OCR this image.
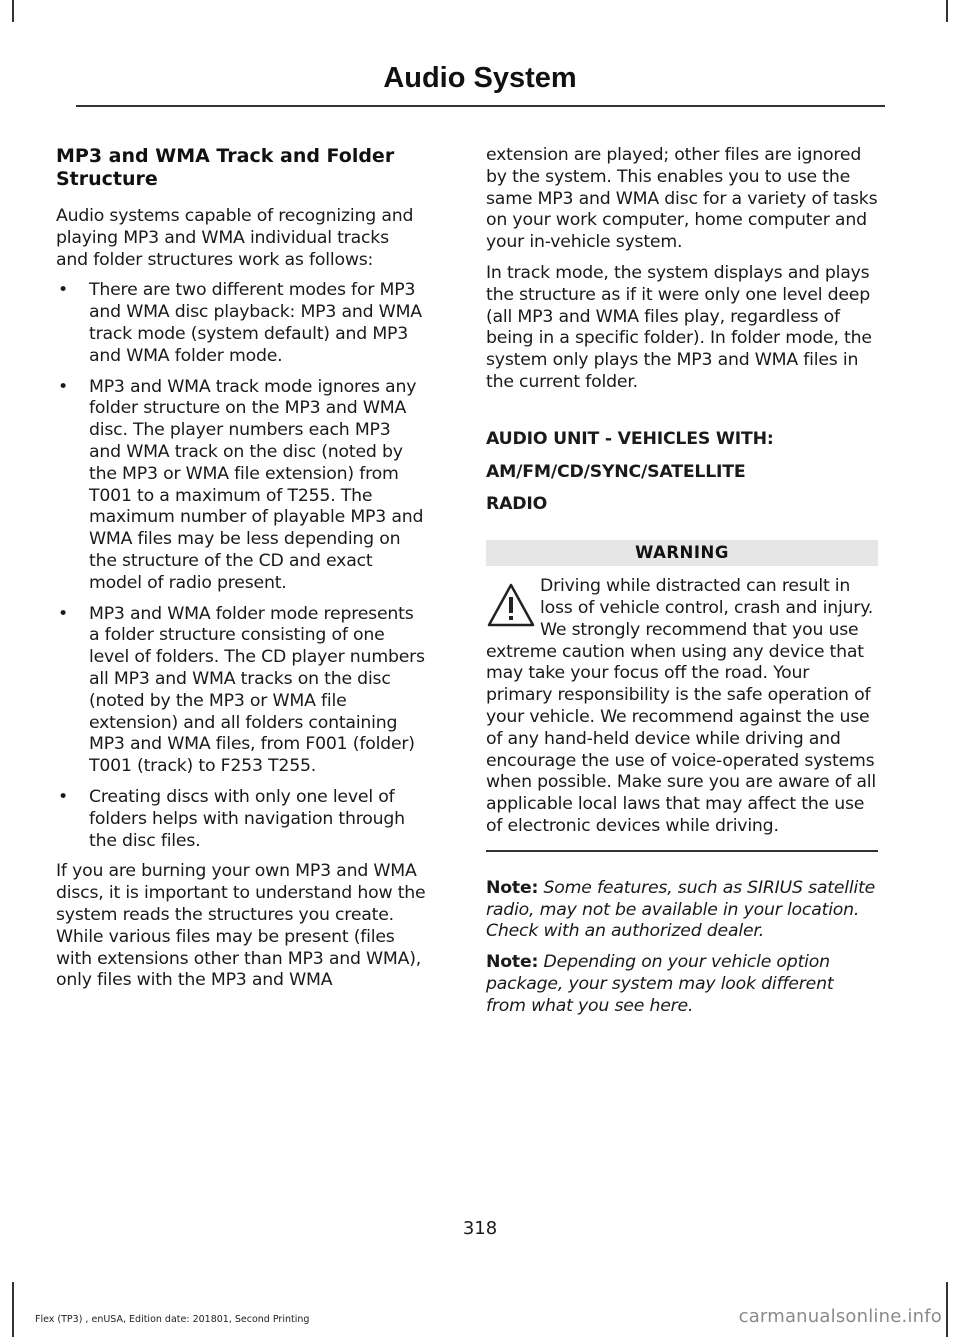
Audio System
MP3 and WMA Track and Folder Structure

Audio systems capable of recognizing and playing MP3 and WMA individual tracks and folder structures work as follows:

• There are two different modes for MP3 and WMA disc playback: MP3 and WMA track mode (system default) and MP3 and WMA folder mode.
• MP3 and WMA track mode ignores any folder structure on the MP3 and WMA disc. The player numbers each MP3 and WMA track on the disc (noted by the MP3 or WMA file extension) from T001 to a maximum of T255. The maximum number of playable MP3 and WMA files may be less depending on the structure of the CD and exact model of radio present.
• MP3 and WMA folder mode represents a folder structure consisting of one level of folders. The CD player numbers all MP3 and WMA tracks on the disc (noted by the MP3 or WMA file extension) and all folders containing MP3 and WMA files, from F001 (folder) T001 (track) to F253 T255.
• Creating discs with only one level of folders helps with navigation through the disc files.

If you are burning your own MP3 and WMA discs, it is important to understand how the system reads the structures you create. While various files may be present (files with extensions other than MP3 and WMA), only files with the MP3 and WMA

extension are played; other files are ignored by the system. This enables you to use the same MP3 and WMA disc for a variety of tasks on your work computer, home computer and your in-vehicle system.

In track mode, the system displays and plays the structure as if it were only one level deep (all MP3 and WMA files play, regardless of being in a specific folder). In folder mode, the system only plays the MP3 and WMA files in the current folder.

AUDIO UNIT - VEHICLES WITH:

AM/FM/CD/SYNC/SATELLITE

RADIO

WARNING

Driving while distracted can result in loss of vehicle control, crash and injury. We strongly recommend that you use extreme caution when using any device that may take your focus off the road. Your primary responsibility is the safe operation of your vehicle. We recommend against the use of any hand-held device while driving and encourage the use of voice-operated systems when possible. Make sure you are aware of all applicable local laws that may affect the use of electronic devices while driving.

Note: Some features, such as SIRIUS satellite radio, may not be available in your location. Check with an authorized dealer.

Note: Depending on your vehicle option package, your system may look different from what you see here.

318
Flex (TP3) , enUSA, Edition date: 201801, Second Printing	carmanualsonline.info
